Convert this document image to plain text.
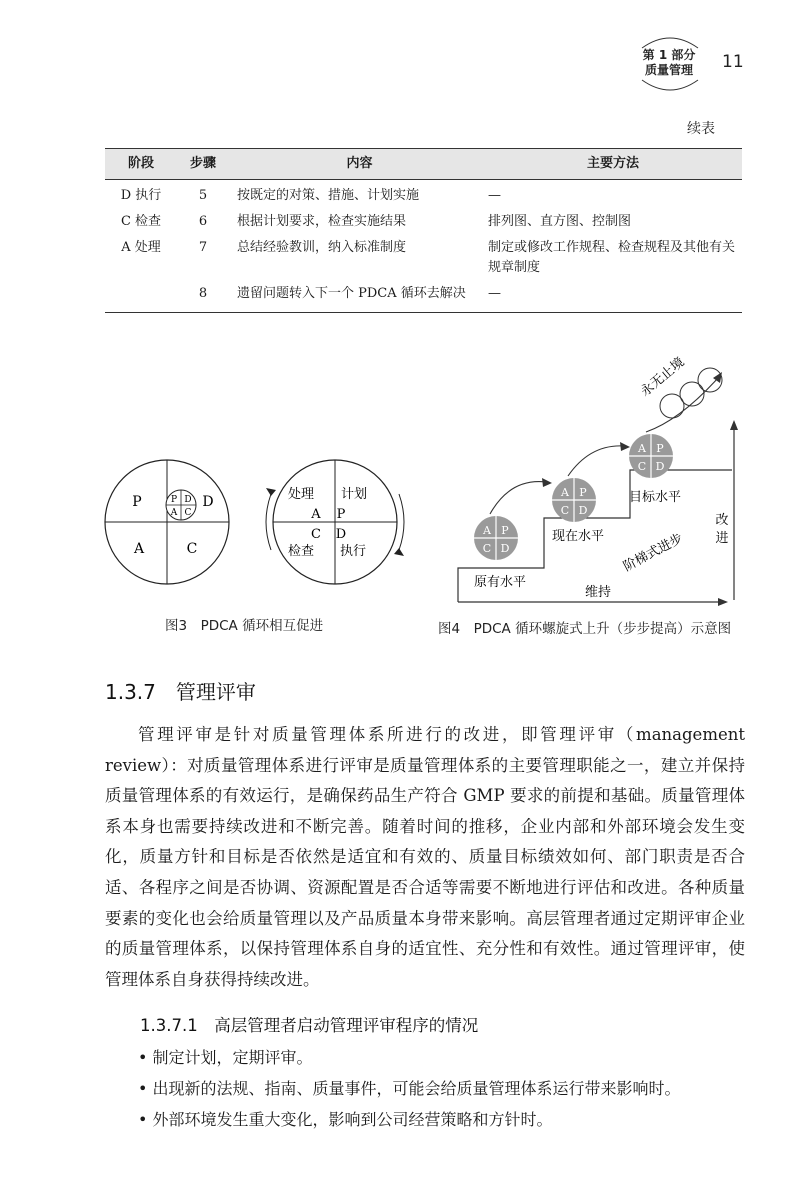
第 1 部分
质量管理 11
续表
阶段	步骤	内容	主要方法
D 执行	5	按既定的对策、措施、计划实施	—
C 检查	6	根据计划要求，检查实施结果	排列图、直方图、控制图
A 处理	7	总结经验教训，纳入标准制度	制定或修改工作规程、检查规程及其他有关规章制度
	8	遗留问题转入下一个 PDCA 循环去解决	—
P
A	C
D
P D
A C
处理 计划
A P
C D
检查 执行
图3　PDCA 循环相互促进
维持
改
进
阶梯式进步
原有水平
现在水平
目标水平
A P
C D
A P
C D
A P
C D
永无止境
图4　PDCA 循环螺旋式上升（步步提高）示意图
1.3.7　管理评审
管理评审是针对质量管理体系所进行的改进，即管理评审（management review）：对质量管理体系进行评审是质量管理体系的主要管理职能之一，建立并保持质量管理体系的有效运行，是确保药品生产符合 GMP 要求的前提和基础。质量管理体系本身也需要持续改进和不断完善。随着时间的推移，企业内部和外部环境会发生变化，质量方针和目标是否依然是适宜和有效的、质量目标绩效如何、部门职责是否合适、各程序之间是否协调、资源配置是否合适等需要不断地进行评估和改进。各种质量要素的变化也会给质量管理以及产品质量本身带来影响。高层管理者通过定期评审企业的质量管理体系，以保持管理体系自身的适宜性、充分性和有效性。通过管理评审，使管理体系自身获得持续改进。
1.3.7.1　高层管理者启动管理评审程序的情况
• 制定计划，定期评审。
• 出现新的法规、指南、质量事件，可能会给质量管理体系运行带来影响时。
• 外部环境发生重大变化，影响到公司经营策略和方针时。
